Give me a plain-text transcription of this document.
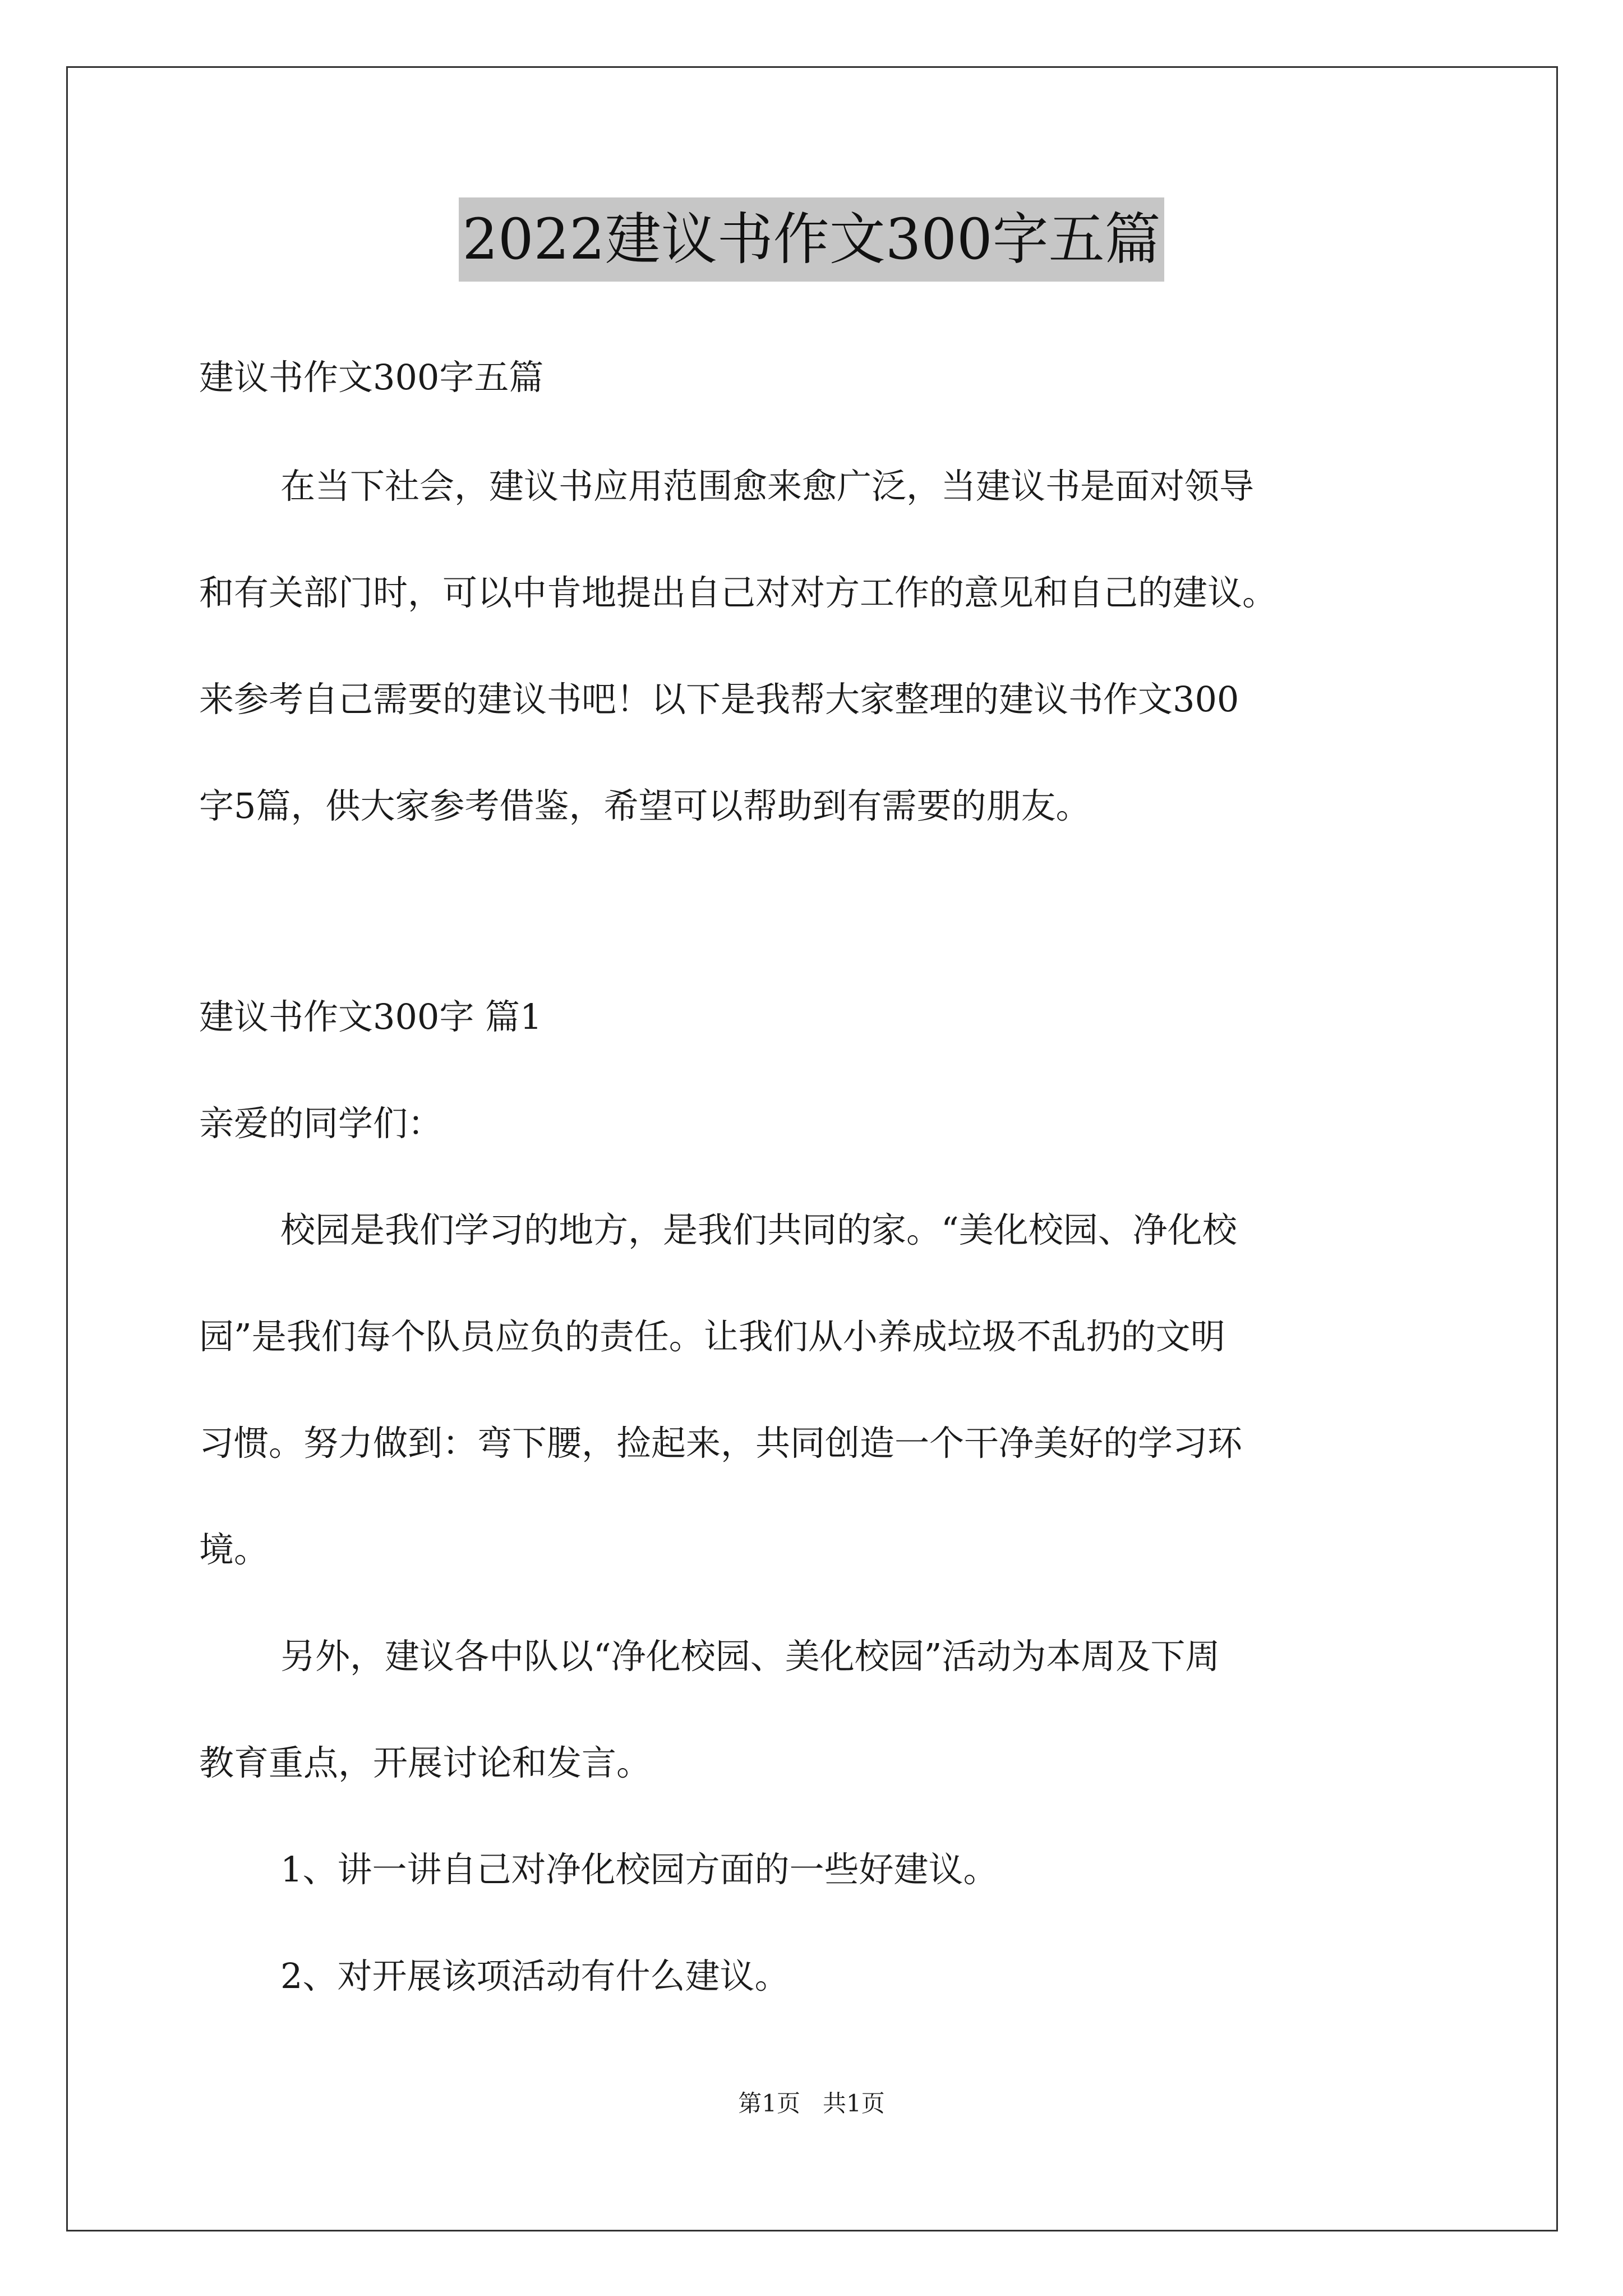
2022建议书作文300字五篇
建议书作文300字五篇
在当下社会，建议书应用范围愈来愈广泛，当建议书是面对领导
和有关部门时，可以中肯地提出自己对对方工作的意见和自己的建议。
来参考自己需要的建议书吧！以下是我帮大家整理的建议书作文300
字5篇，供大家参考借鉴，希望可以帮助到有需要的朋友。
建议书作文300字 篇1
亲爱的同学们：
校园是我们学习的地方，是我们共同的家。“美化校园、净化校
园”是我们每个队员应负的责任。让我们从小养成垃圾不乱扔的文明
习惯。努力做到：弯下腰，捡起来，共同创造一个干净美好的学习环
境。
另外，建议各中队以“净化校园、美化校园”活动为本周及下周
教育重点，开展讨论和发言。
1、讲一讲自己对净化校园方面的一些好建议。
2、对开展该项活动有什么建议。
第1页   共1页
